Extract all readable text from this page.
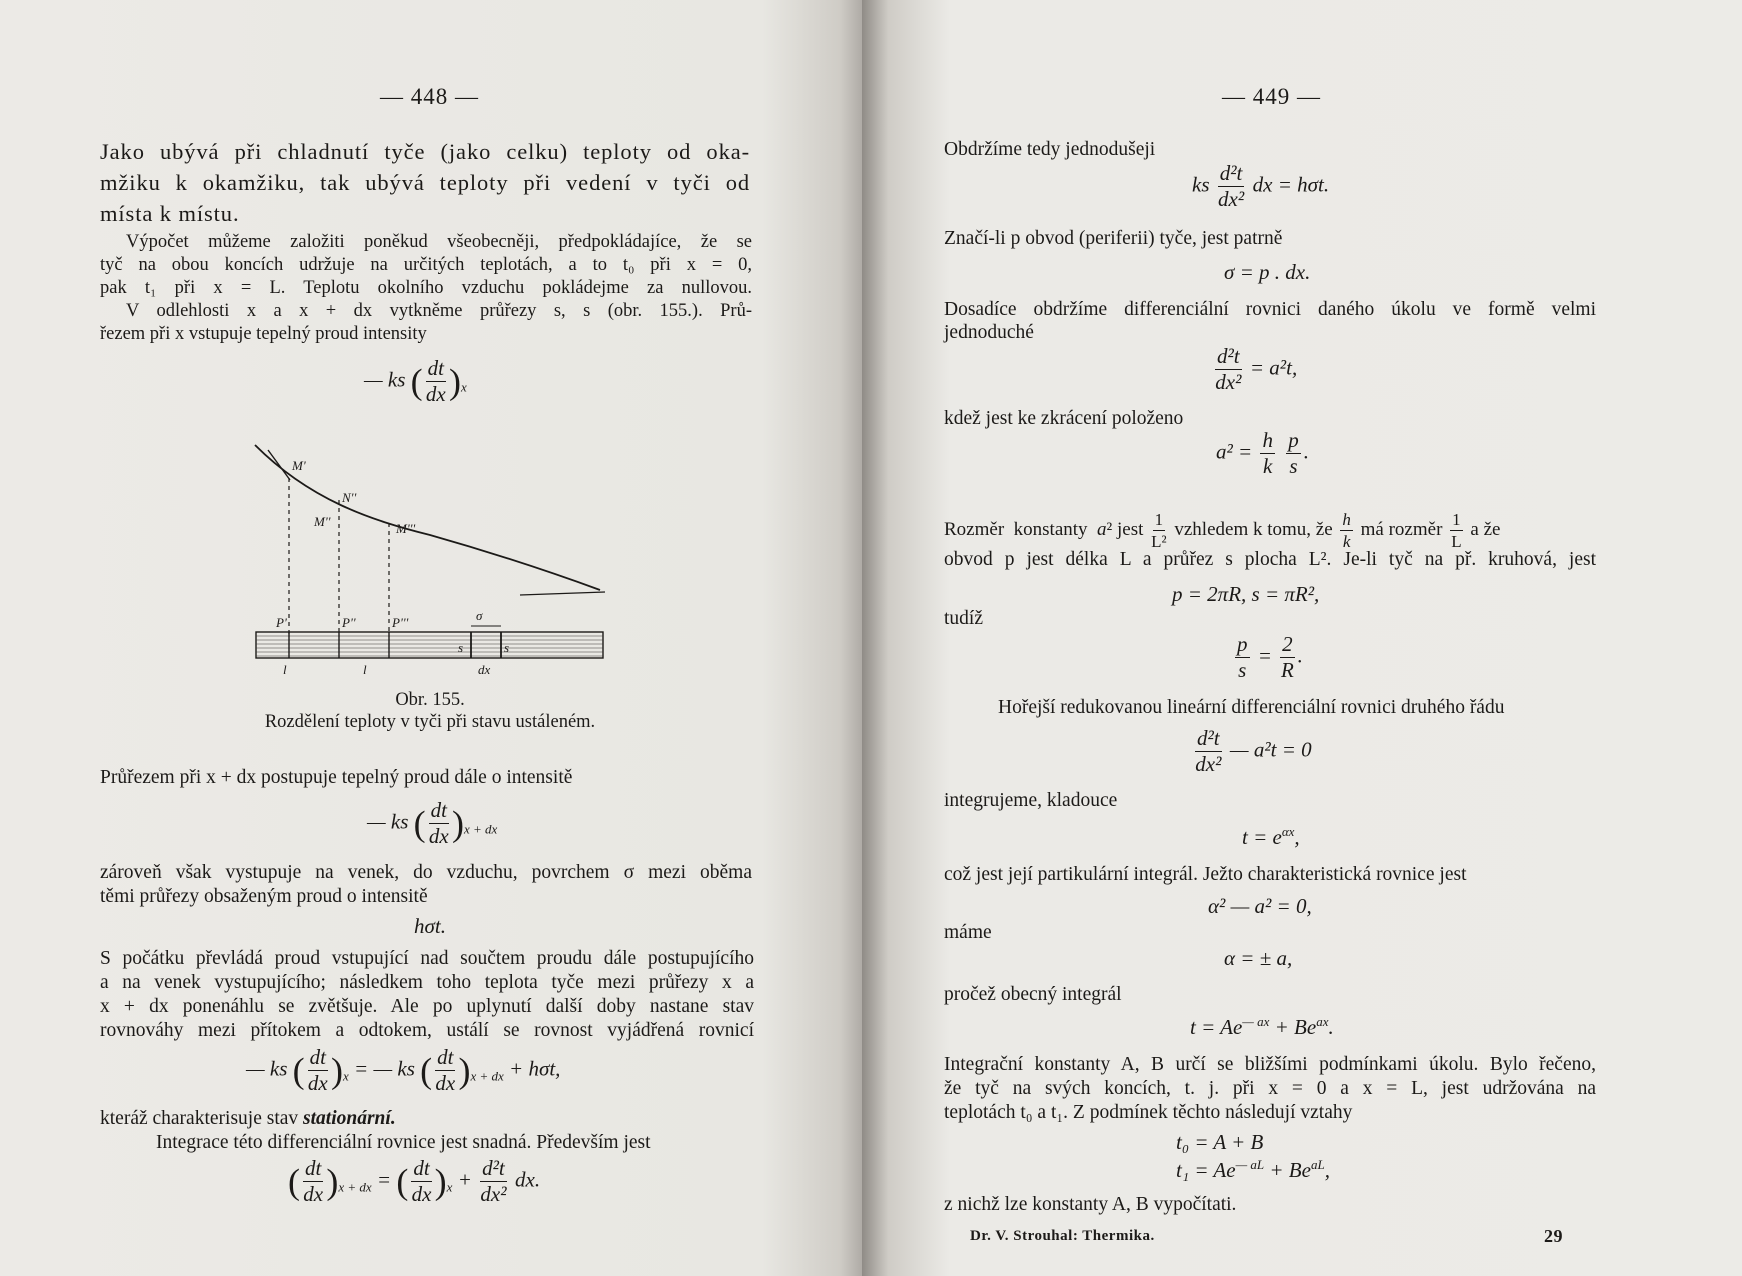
— 448 —
Jako ubývá při chladnutí tyče (jako celku) teploty od oka-
mžiku k okamžiku, tak ubývá teploty při vedení v tyči od
místa k místu.
Výpočet můžeme založiti poněkud všeobecněji, předpokládajíce, že se
tyč na obou koncích udržuje na určitých teplotách, a to t₀ při x = 0,
pak t₁ při x = L. Teplotu okolního vzduchu pokládejme za nullovou.
V odlehlosti x a x + dx vytkněme průřezy s, s (obr. 155.). Prů-
řezem při x vstupuje tepelný proud intensity
— ks ( $\frac{dt}{dx} )_x$
M'
N''
M''	M'''
P'	P''	P'''	σ
s	s
l	l	dx
Obr. 155.
Rozdělení teploty v tyči při stavu ustáleném.
Průřezem při x + dx postupuje tepelný proud dále o intensitě
— ks ( $\frac{dt}{dx} )_{x + dx}$
zároveň však vystupuje na venek, do vzduchu, povrchem σ mezi oběma
těmi průřezy obsaženým proud o intensitě
hσt.
S počátku převládá proud vstupující nad součtem proudu dále postupujícího
a na venek vystupujícího; následkem toho teplota tyče mezi průřezy x a
x + dx ponenáhlu se zvětšuje. Ale po uplynutí další doby nastane stav
rovnováhy mezi přítokem a odtokem, ustálí se rovnost vyjádřená rovnicí
— ks ( $\frac{dt}{dx} )_x$ = — ks ( $\frac{dt}{dx} )_{x + dx} + h\sigma t$,
kteráž charakterisuje stav stationární.
Integrace této differenciální rovnice jest snadná. Především jest
( $\frac{dt}{dx} )_{x + dx}$ = ( $\frac{dt}{dx} )_x + \frac{\text{d²t}}{\text{dx²}}$ dx.
— 449 —
Obdržíme tedy jednodušeji
ks $\frac{\text{d²t}}{\text{dx²}}$ dx = hσt.
Značí-li p obvod (periferii) tyče, jest patrně
σ = p . dx.
Dosadíce obdržíme differenciální rovnici daného úkolu ve formě velmi
jednoduché
$\frac{\text{d²t}}{\text{dx²}} = a^2t$,
kdež jest ke zkrácení položeno
$a^2 = \frac{h}{k}$
$\frac{p}{s}$ .
Rozměr  konstanty  a² jest $\frac{1}{\text{L²}}$ vzhledem k tomu, že $\frac{h}{k}$ má rozměr $\frac{1}{L}$ a že
obvod p jest délka L a průřez s plocha L². Je-li tyč na př. kruhová, jest
p = 2πR, s = πR²,
tudíž
$\frac{p}{s} = \frac{2}{R}$ .
Hořejší redukovanou lineární differenciální rovnici druhého řádu
$\frac{\text{d²t}}{\text{dx²}}$ — a²t = 0
integrujeme, kladouce
$t = e^{\alpha x}$,
což jest její partikulární integrál. Ježto charakteristická rovnice jest
α² — a² = 0,
máme
α = ± a,
pročež obecný integrál
$t = Ae^{— ax} + Be^{ax}$.
Integrační konstanty A, B určí se bližšími podmínkami úkolu. Bylo řečeno,
že tyč na svých koncích, t. j. při x = 0 a x = L, jest udržována na
teplotách t₀ a t₁. Z podmínek těchto následují vztahy
t₀ = A + B
$t_1 = Ae^{— aL} + Be^{aL}$,
z nichž lze konstanty A, B vypočítati.
Dr. V. Strouhal: Thermika.	29
